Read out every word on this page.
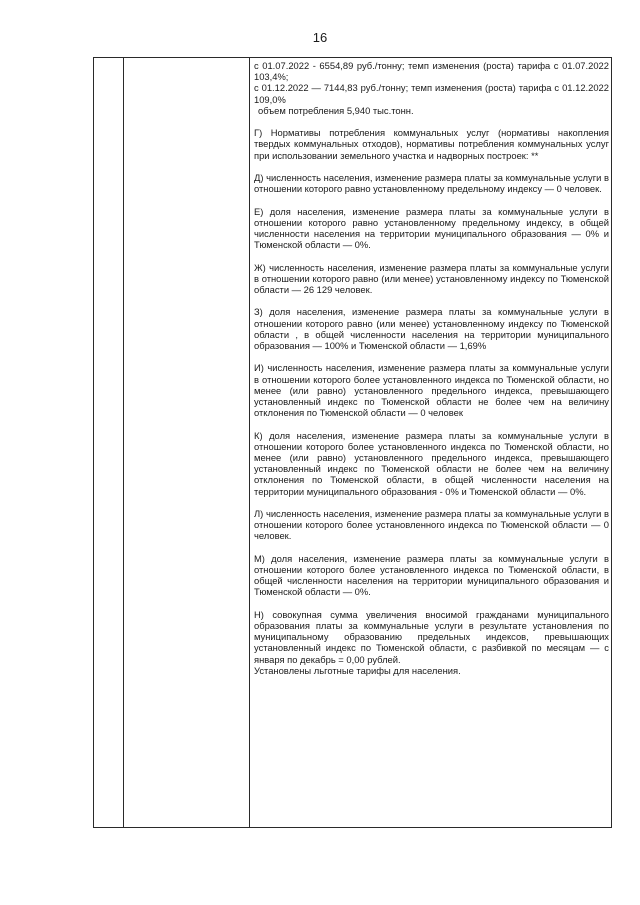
16

с 01.07.2022 - 6554,89 руб./тонну; темп изменения (роста) тарифа с 01.07.2022 103,4%;

с 01.12.2022 — 7144,83 руб./тонну; темп изменения (роста) тарифа с 01.12.2022 109,0%

объем потребления 5,940 тыс.тонн.

Г) Нормативы потребления коммунальных услуг (нормативы накопления твердых коммунальных отходов), нормативы потребления коммунальных услуг при использовании земельного участка и надворных построек: **

Д) численность населения, изменение размера платы за коммунальные услуги в отношении которого равно установленному предельному индексу — 0 человек.

Е) доля населения, изменение размера платы за коммунальные услуги в отношении которого равно установленному предельному индексу, в общей численности населения на территории муниципального образования — 0% и Тюменской области — 0%.

Ж) численность населения, изменение размера платы за коммунальные услуги в отношении которого равно (или менее) установленному индексу по Тюменской области — 26 129 человек.

З) доля населения, изменение размера платы за коммунальные услуги в отношении которого равно (или менее) установленному индексу по Тюменской области , в общей численности населения на территории муниципального образования — 100% и Тюменской области — 1,69%

И) численность населения, изменение размера платы за коммунальные услуги в отношении которого более установленного индекса по Тюменской области, но менее (или равно) установленного предельного индекса, превышающего установленный индекс по Тюменской области не более чем на величину отклонения по Тюменской области — 0 человек

К) доля населения, изменение размера платы за коммунальные услуги в отношении которого более установленного индекса по Тюменской области, но менее (или равно) установленного предельного индекса, превышающего установленный индекс по Тюменской области не более чем на величину отклонения по Тюменской области, в общей численности населения на территории муниципального образования - 0% и Тюменской области — 0%.

Л) численность населения, изменение размера платы за коммунальные услуги в отношении которого более установленного индекса по Тюменской области — 0 человек.

М) доля населения, изменение размера платы за коммунальные услуги в отношении которого более установленного индекса по Тюменской области, в общей численности населения на территории муниципального образования и Тюменской области — 0%.

Н) совокупная сумма увеличения вносимой гражданами муниципального образования платы за коммунальные услуги в результате установления по муниципальному образованию предельных индексов, превышающих установленный индекс по Тюменской области, с разбивкой по месяцам — с января по декабрь = 0,00 рублей.

Установлены льготные тарифы для населения.
